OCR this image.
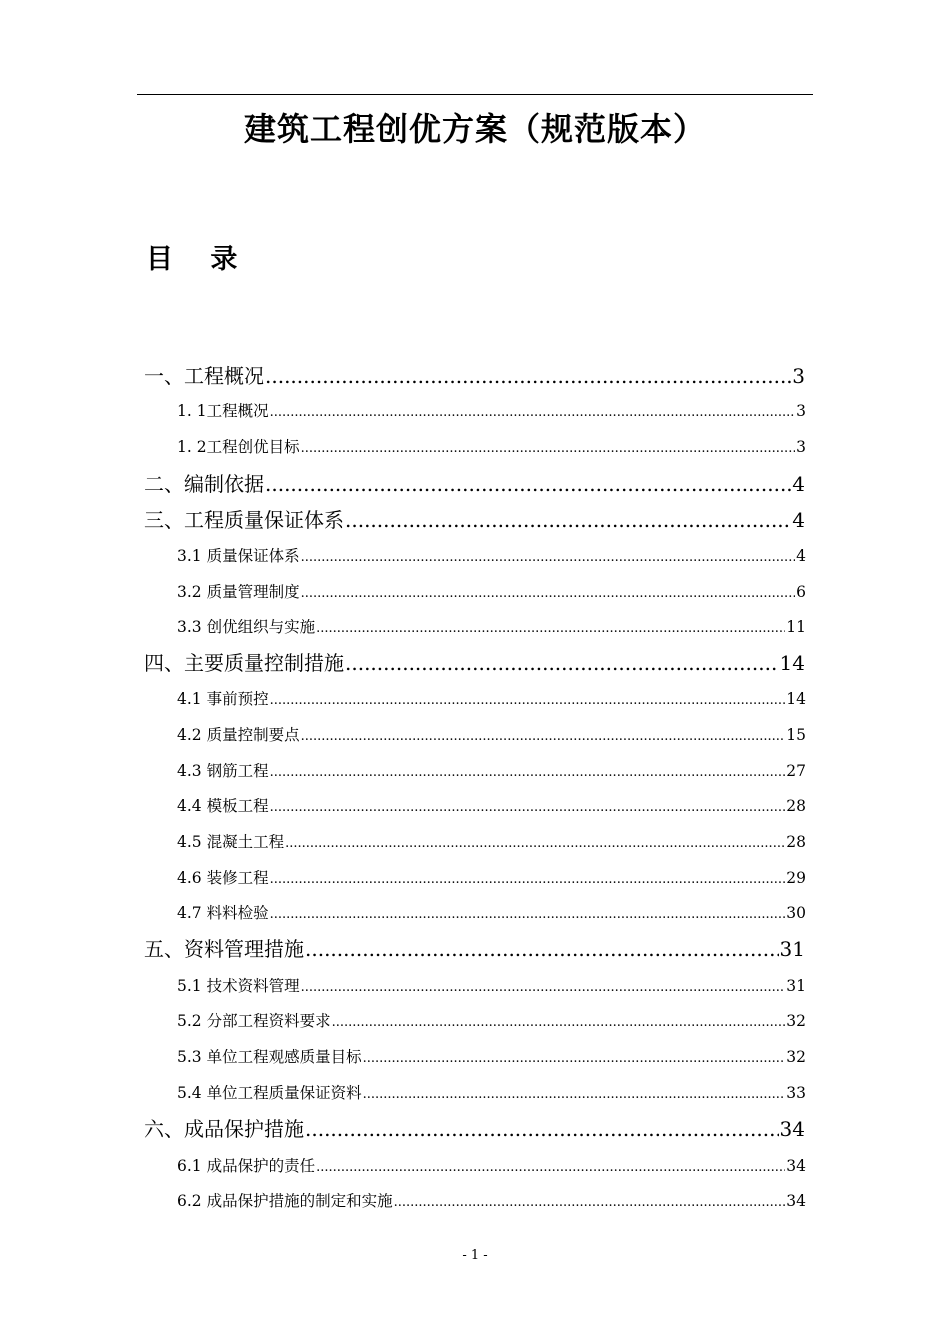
建筑工程创优方案（规范版本）
目 录
一、工程概况 .....	3
1. 1工程概况 .....	3
1. 2工程创优目标 .....	3
二、编制依据 .....	4
三、工程质量保证体系 .....	4
3.1 质量保证体系 .....	4
3.2 质量管理制度 .....	6
3.3 创优组织与实施 .....	11
四、主要质量控制措施 .....	14
4.1 事前预控 .....	14
4.2 质量控制要点 .....	15
4.3 钢筋工程 .....	27
4.4 模板工程 .....	28
4.5 混凝土工程 .....	28
4.6 装修工程 .....	29
4.7 料料检验 .....	30
五、资料管理措施 .....	31
5.1 技术资料管理 .....	31
5.2 分部工程资料要求 .....	32
5.3 单位工程观感质量目标 .....	32
5.4 单位工程质量保证资料 .....	33
六、成品保护措施 .....	34
6.1 成品保护的责任 .....	34
6.2 成品保护措施的制定和实施 .....	34
- 1 -
